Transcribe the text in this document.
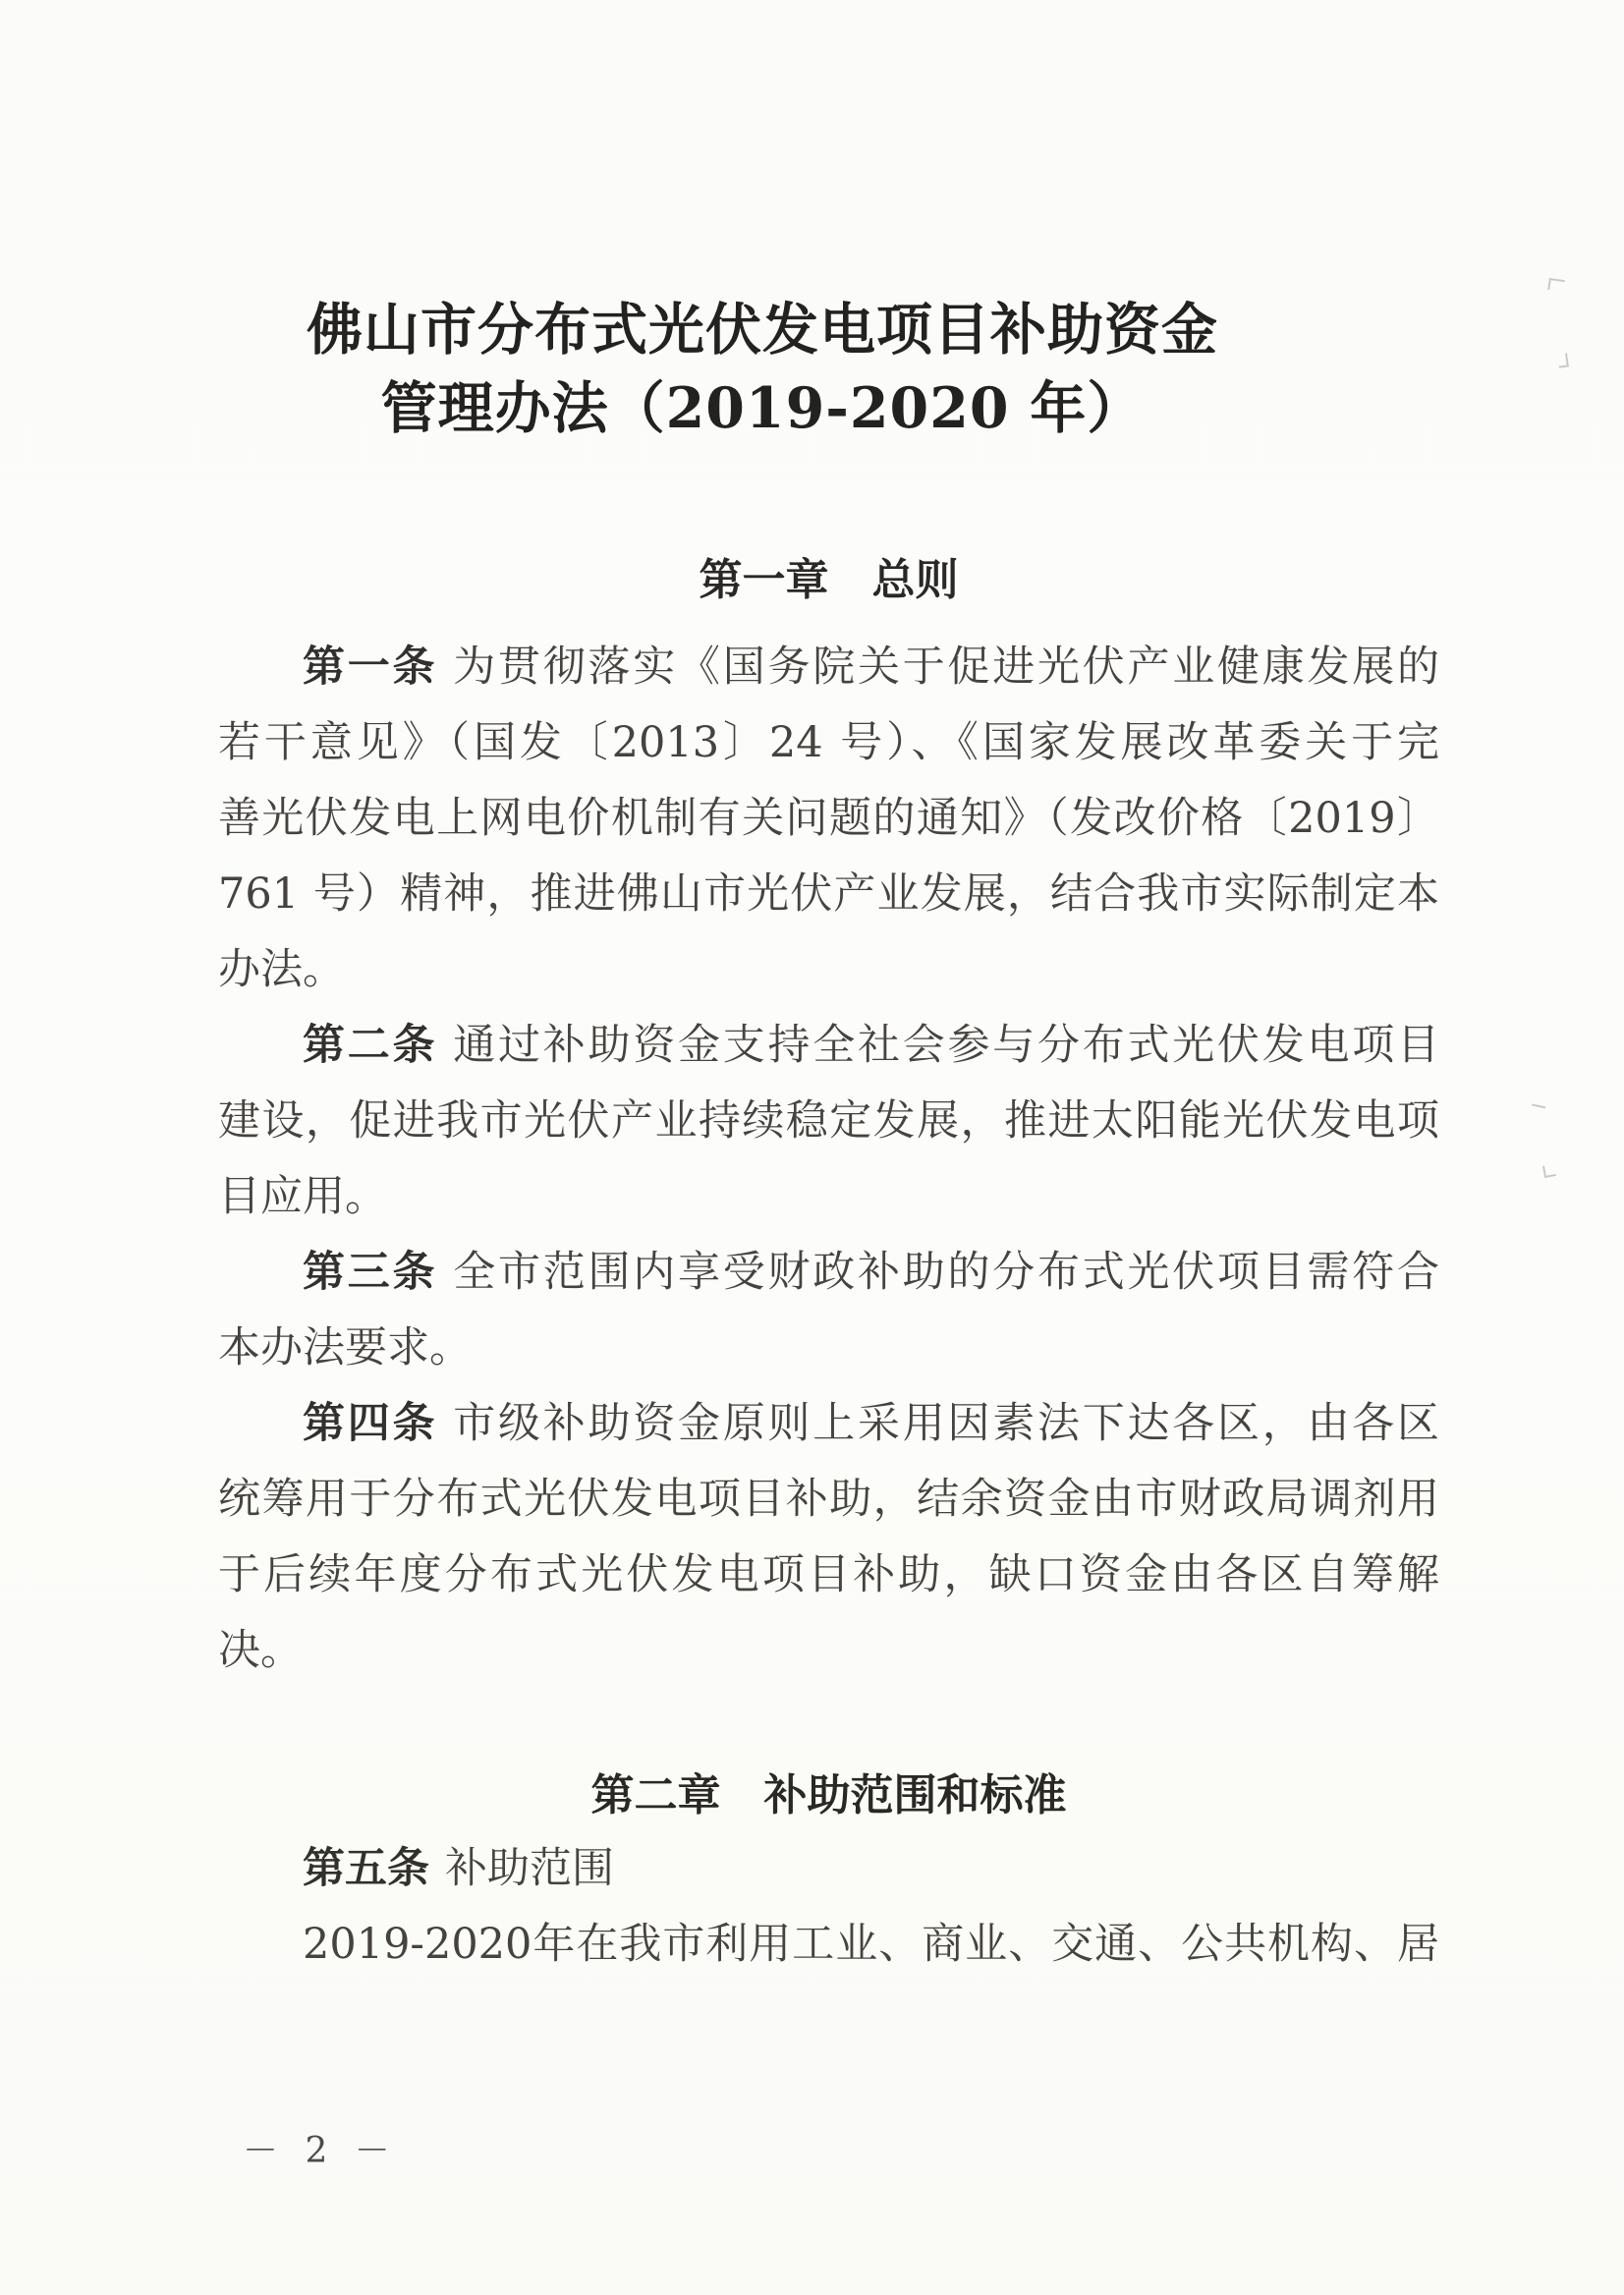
佛山市分布式光伏发电项目补助资金
管理办法（2019-2020 年）
第一章　总则
第一条 为贯彻落实《国务院关于促进光伏产业健康发展的
若干意见》（国发〔2013〕24 号）、《国家发展改革委关于完
善光伏发电上网电价机制有关问题的通知》（发改价格〔2019〕
761 号）精神，推进佛山市光伏产业发展，结合我市实际制定本
办法。
第二条 通过补助资金支持全社会参与分布式光伏发电项目
建设，促进我市光伏产业持续稳定发展，推进太阳能光伏发电项
目应用。
第三条 全市范围内享受财政补助的分布式光伏项目需符合
本办法要求。
第四条 市级补助资金原则上采用因素法下达各区，由各区
统筹用于分布式光伏发电项目补助，结余资金由市财政局调剂用
于后续年度分布式光伏发电项目补助，缺口资金由各区自筹解
决。
第二章　补助范围和标准
第五条 补助范围
2019-2020年在我市利用工业、商业、交通、公共机构、居
－ 2 －
